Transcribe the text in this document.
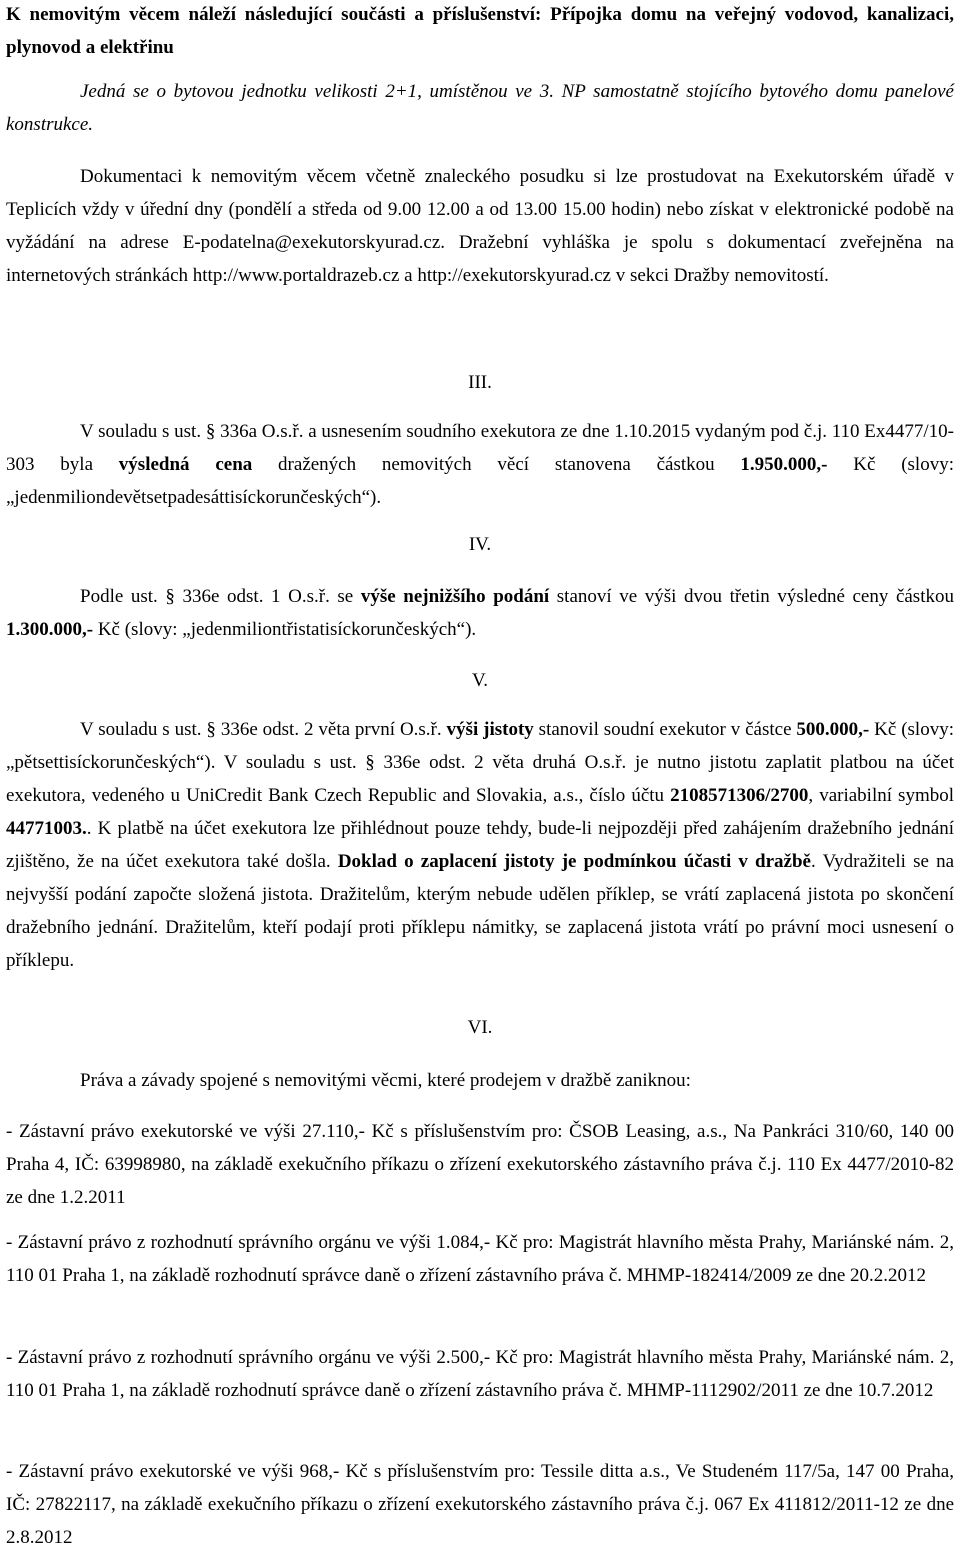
K nemovitým věcem náleží následující součásti a příslušenství: Přípojka domu na veřejný vodovod, kanalizaci, plynovod a elektřinu
Jedná se o bytovou jednotku velikosti 2+1, umístěnou ve 3. NP samostatně stojícího bytového domu panelové konstrukce.
Dokumentaci k nemovitým věcem včetně znaleckého posudku si lze prostudovat na Exekutorském úřadě v Teplicích vždy v úřední dny (pondělí a středa od 9.00 12.00 a od 13.00 15.00 hodin) nebo získat v elektronické podobě na vyžádání na adrese E-podatelna@exekutorskyurad.cz. Dražební vyhláška je spolu s dokumentací zveřejněna na internetových stránkách http://www.portaldrazeb.cz a http://exekutorskyurad.cz v sekci Dražby nemovitostí.
III.
V souladu s ust. § 336a O.s.ř. a usnesením soudního exekutora ze dne 1.10.2015 vydaným pod č.j. 110 Ex4477/10-303 byla výsledná cena dražených nemovitých věcí stanovena částkou 1.950.000,- Kč (slovy: „jedenmiliondevětsetpadesáttisíckorunčeských“).
IV.
Podle ust. § 336e odst. 1 O.s.ř. se výše nejnižšího podání stanoví ve výši dvou třetin výsledné ceny částkou 1.300.000,- Kč (slovy: „jedenmiliontřistatisíckorunčeských“).
V.
V souladu s ust. § 336e odst. 2 věta první O.s.ř. výši jistoty stanovil soudní exekutor v částce 500.000,- Kč (slovy: „pětsettisíckorunčeských“). V souladu s ust. § 336e odst. 2 věta druhá O.s.ř. je nutno jistotu zaplatit platbou na účet exekutora, vedeného u UniCredit Bank Czech Republic and Slovakia, a.s., číslo účtu 2108571306/2700, variabilní symbol 44771003.. K platbě na účet exekutora lze přihlédnout pouze tehdy, bude-li nejpozději před zahájením dražebního jednání zjištěno, že na účet exekutora také došla. Doklad o zaplacení jistoty je podmínkou účasti v dražbě. Vydražiteli se na nejvyšší podání započte složená jistota. Dražitelům, kterým nebude udělen příklep, se vrátí zaplacená jistota po skončení dražebního jednání. Dražitelům, kteří podají proti příklepu námitky, se zaplacená jistota vrátí po právní moci usnesení o příklepu.
VI.
Práva a závady spojené s nemovitými věcmi, které prodejem v dražbě zaniknou:
- Zástavní právo exekutorské ve výši 27.110,- Kč s příslušenstvím pro: ČSOB Leasing, a.s., Na Pankráci 310/60, 140 00 Praha 4, IČ: 63998980, na základě exekučního příkazu o zřízení exekutorského zástavního práva č.j. 110 Ex 4477/2010-82 ze dne 1.2.2011
- Zástavní právo z rozhodnutí správního orgánu ve výši 1.084,- Kč pro: Magistrát hlavního města Prahy, Mariánské nám. 2, 110 01 Praha 1, na základě rozhodnutí správce daně o zřízení zástavního práva č. MHMP-182414/2009 ze dne 20.2.2012
- Zástavní právo z rozhodnutí správního orgánu ve výši 2.500,- Kč pro: Magistrát hlavního města Prahy, Mariánské nám. 2, 110 01 Praha 1, na základě rozhodnutí správce daně o zřízení zástavního práva č. MHMP-1112902/2011 ze dne 10.7.2012
- Zástavní právo exekutorské ve výši 968,- Kč s příslušenstvím pro: Tessile ditta a.s., Ve Studeném 117/5a, 147 00 Praha, IČ: 27822117, na základě exekučního příkazu o zřízení exekutorského zástavního práva č.j. 067 Ex 411812/2011-12 ze dne 2.8.2012
